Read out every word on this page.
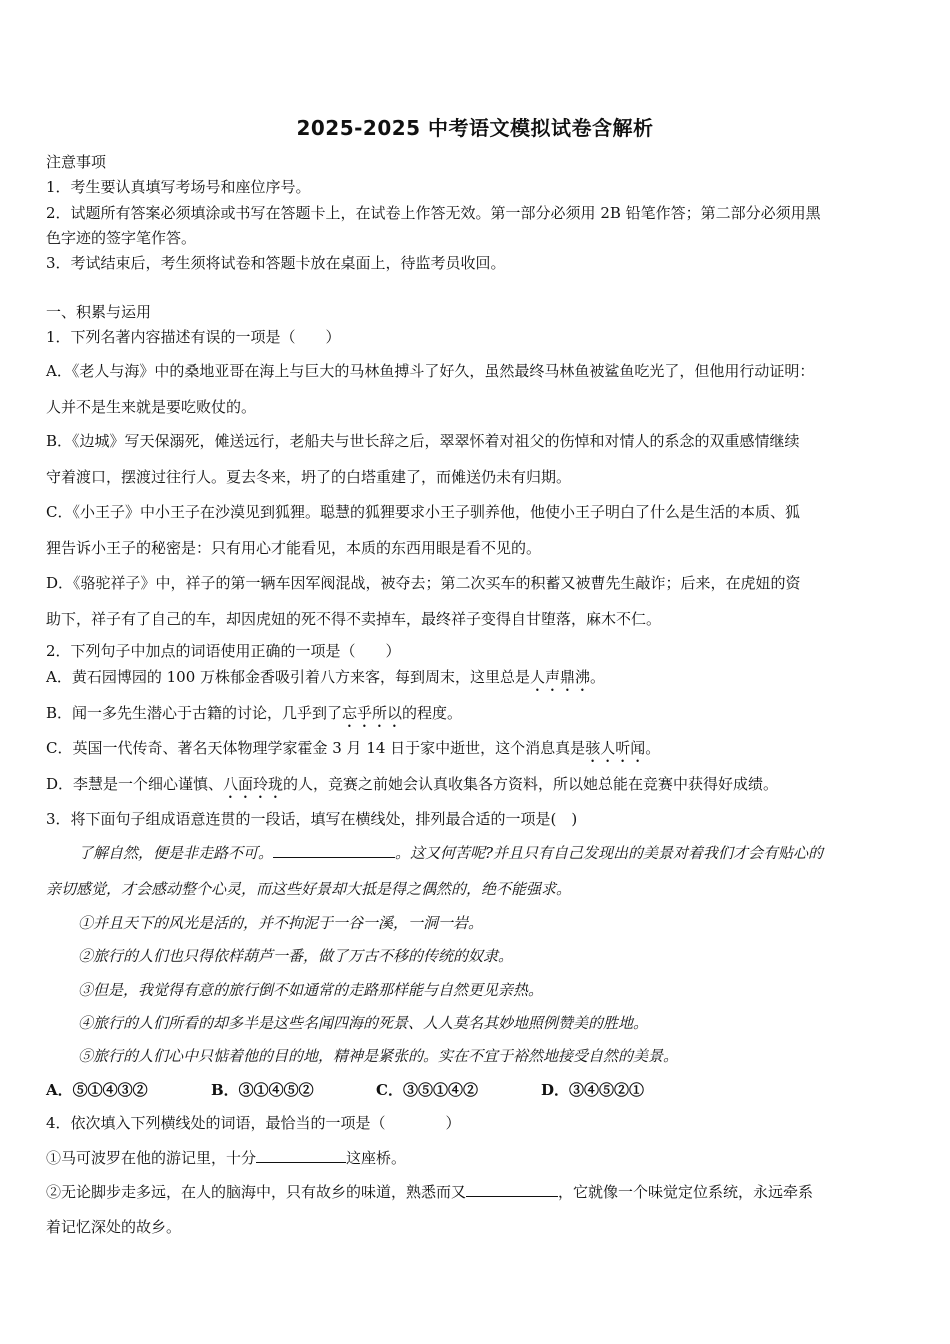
2025-2025 中考语文模拟试卷含解析
注意事项
1．考生要认真填写考场号和座位序号。
2．试题所有答案必须填涂或书写在答题卡上，在试卷上作答无效。第一部分必须用 2B 铅笔作答；第二部分必须用黑
色字迹的签字笔作答。
3．考试结束后，考生须将试卷和答题卡放在桌面上，待监考员收回。
一、积累与运用
1．下列名著内容描述有误的一项是（　　）
A．《老人与海》中的桑地亚哥在海上与巨大的马林鱼搏斗了好久，虽然最终马林鱼被鲨鱼吃光了，但他用行动证明：
人并不是生来就是要吃败仗的。
B．《边城》写天保溺死，傩送远行，老船夫与世长辞之后，翠翠怀着对祖父的伤悼和对情人的系念的双重感情继续
守着渡口，摆渡过往行人。夏去冬来，坍了的白塔重建了，而傩送仍未有归期。
C．《小王子》中小王子在沙漠见到狐狸。聪慧的狐狸要求小王子驯养他，他使小王子明白了什么是生活的本质、狐
狸告诉小王子的秘密是：只有用心才能看见，本质的东西用眼是看不见的。
D．《骆驼祥子》中，祥子的第一辆车因军阀混战，被夺去；第二次买车的积蓄又被曹先生敲诈；后来，在虎妞的资
助下，祥子有了自己的车，却因虎妞的死不得不卖掉车，最终祥子变得自甘堕落，麻木不仁。
2．下列句子中加点的词语使用正确的一项是（　　）
A．黄石园博园的 100 万株郁金香吸引着八方来客，每到周末，这里总是人声鼎沸。
B．闻一多先生潜心于古籍的讨论，几乎到了忘乎所以的程度。
C．英国一代传奇、著名天体物理学家霍金 3 月 14 日于家中逝世，这个消息真是骇人听闻。
D．李慧是一个细心谨慎、八面玲珑的人，竞赛之前她会认真收集各方资料，所以她总能在竞赛中获得好成绩。
3．将下面句子组成语意连贯的一段话，填写在横线处，排列最合适的一项是(　)
了解自然，便是非走路不可。	。这又何苦呢?并且只有自己发现出的美景对着我们才会有贴心的
亲切感觉，才会感动整个心灵，而这些好景却大抵是得之偶然的，绝不能强求。
①并且天下的风光是活的，并不拘泥于一谷一溪，一洞一岩。
②旅行的人们也只得依样葫芦一番，做了万古不移的传统的奴隶。
③但是，我觉得有意的旅行倒不如通常的走路那样能与自然更见亲热。
④旅行的人们所看的却多半是这些名闻四海的死景、人人莫名其妙地照例赞美的胜地。
⑤旅行的人们心中只惦着他的目的地，精神是紧张的。实在不宜于裕然地接受自然的美景。
A．⑤①④③②	B．③①④⑤②	C．③⑤①④②	D．③④⑤②①
4．依次填入下列横线处的词语，最恰当的一项是（　　　　）
①马可波罗在他的游记里，十分	这座桥。
②无论脚步走多远，在人的脑海中，只有故乡的味道，熟悉而又	，它就像一个味觉定位系统，永远牵系
着记忆深处的故乡。
